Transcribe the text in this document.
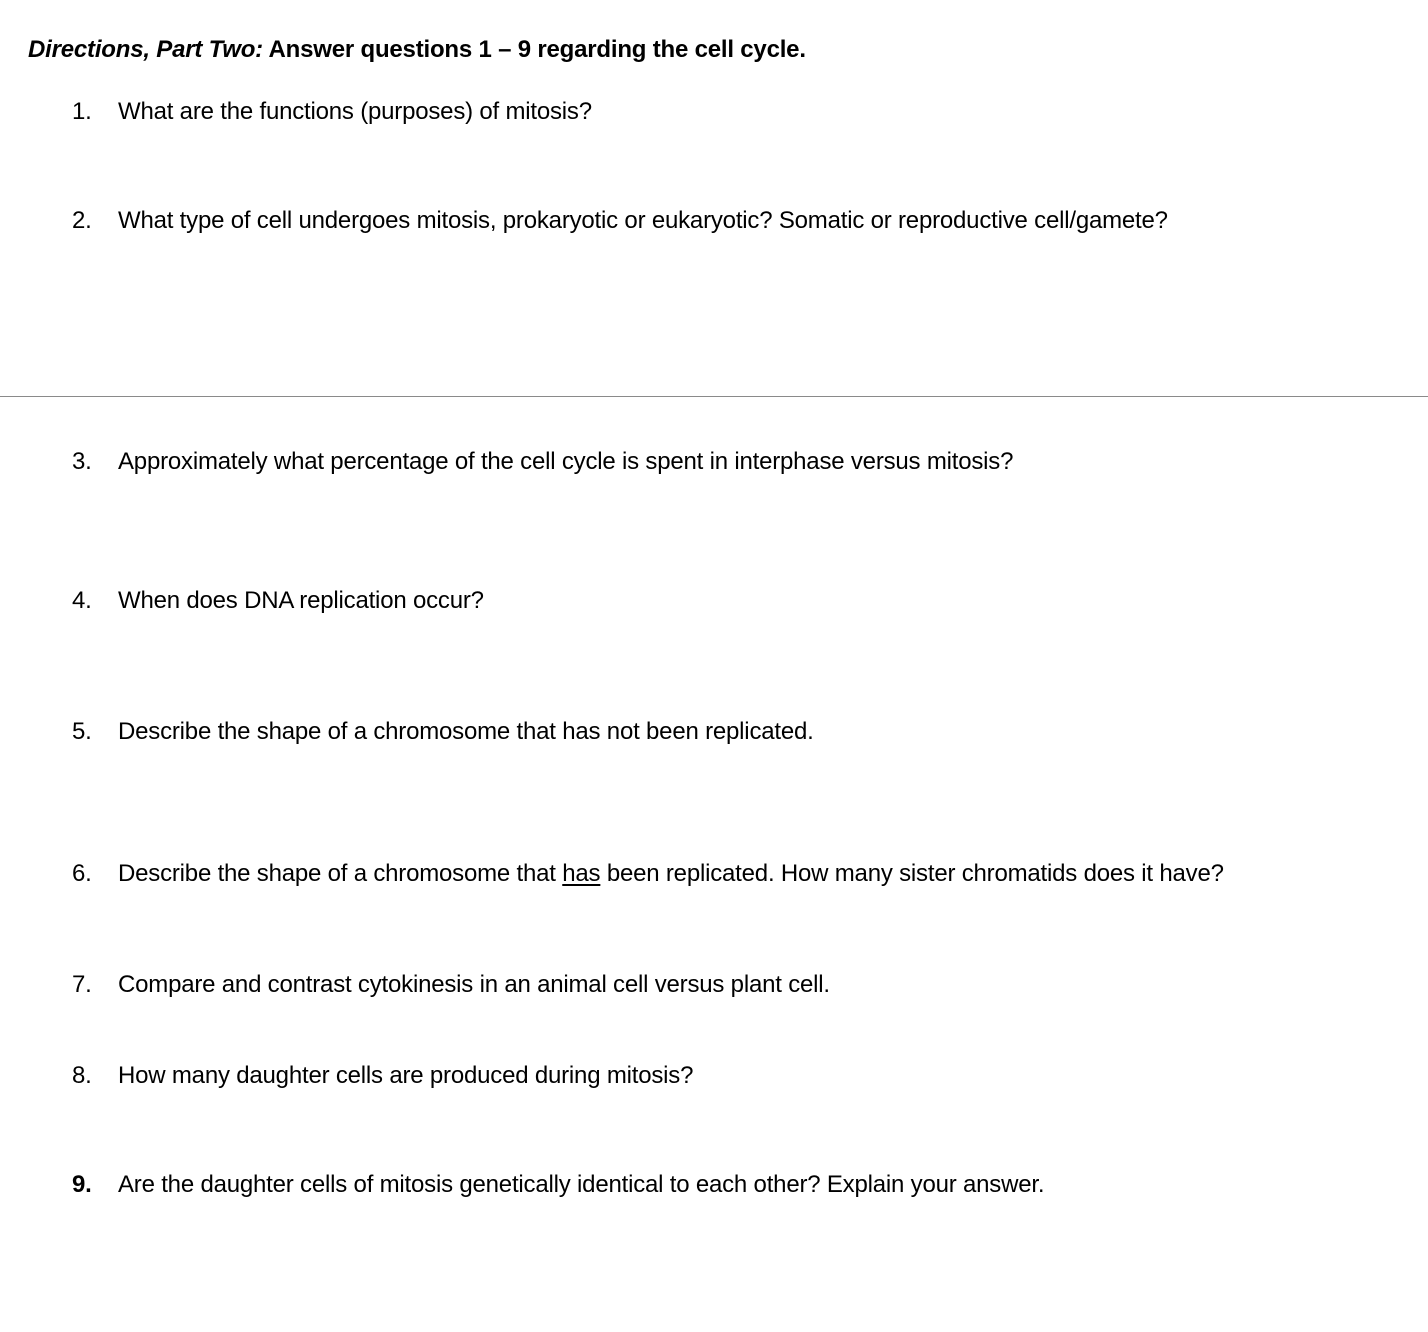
Directions, Part Two: Answer questions 1 – 9 regarding the cell cycle.
1. What are the functions (purposes) of mitosis?
2. What type of cell undergoes mitosis, prokaryotic or eukaryotic? Somatic or reproductive cell/gamete?
3. Approximately what percentage of the cell cycle is spent in interphase versus mitosis?
4. When does DNA replication occur?
5. Describe the shape of a chromosome that has not been replicated.
6. Describe the shape of a chromosome that has been replicated. How many sister chromatids does it have?
7. Compare and contrast cytokinesis in an animal cell versus plant cell.
8. How many daughter cells are produced during mitosis?
9. Are the daughter cells of mitosis genetically identical to each other? Explain your answer.
